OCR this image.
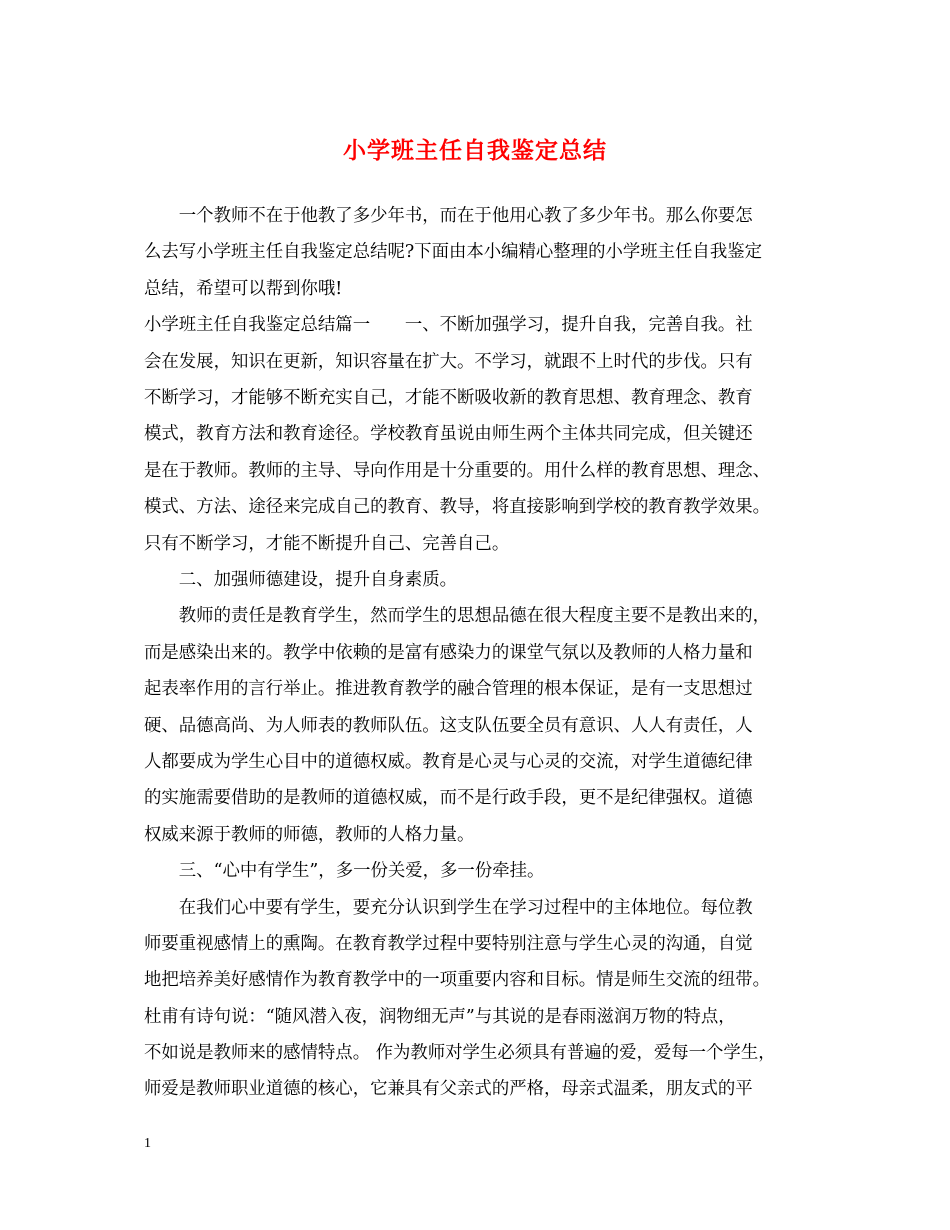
小学班主任自我鉴定总结
　　一个教师不在于他教了多少年书，而在于他用心教了多少年书。那么你要怎
么去写小学班主任自我鉴定总结呢?下面由本小编精心整理的小学班主任自我鉴定
总结，希望可以帮到你哦!
小学班主任自我鉴定总结篇一　　一、不断加强学习，提升自我，完善自我。社
会在发展，知识在更新，知识容量在扩大。不学习，就跟不上时代的步伐。只有
不断学习，才能够不断充实自己，才能不断吸收新的教育思想、教育理念、教育
模式，教育方法和教育途径。学校教育虽说由师生两个主体共同完成，但关键还
是在于教师。教师的主导、导向作用是十分重要的。用什么样的教育思想、理念、
模式、方法、途径来完成自己的教育、教导，将直接影响到学校的教育教学效果。
只有不断学习，才能不断提升自己、完善自己。
　　二、加强师德建设，提升自身素质。
　　教师的责任是教育学生，然而学生的思想品德在很大程度主要不是教出来的，
而是感染出来的。教学中依赖的是富有感染力的课堂气氛以及教师的人格力量和
起表率作用的言行举止。推进教育教学的融合管理的根本保证，是有一支思想过
硬、品德高尚、为人师表的教师队伍。这支队伍要全员有意识、人人有责任，人
人都要成为学生心目中的道德权威。教育是心灵与心灵的交流，对学生道德纪律
的实施需要借助的是教师的道德权威，而不是行政手段，更不是纪律强权。道德
权威来源于教师的师德，教师的人格力量。
　　三、“心中有学生”，多一份关爱，多一份牵挂。
　　在我们心中要有学生，要充分认识到学生在学习过程中的主体地位。每位教
师要重视感情上的熏陶。在教育教学过程中要特别注意与学生心灵的沟通，自觉
地把培养美好感情作为教育教学中的一项重要内容和目标。情是师生交流的纽带。
杜甫有诗句说：“随风潜入夜，润物细无声”与其说的是春雨滋润万物的特点，
不如说是教师来的感情特点。 作为教师对学生必须具有普遍的爱，爱每一个学生，
师爱是教师职业道德的核心，它兼具有父亲式的严格，母亲式温柔，朋友式的平
1
